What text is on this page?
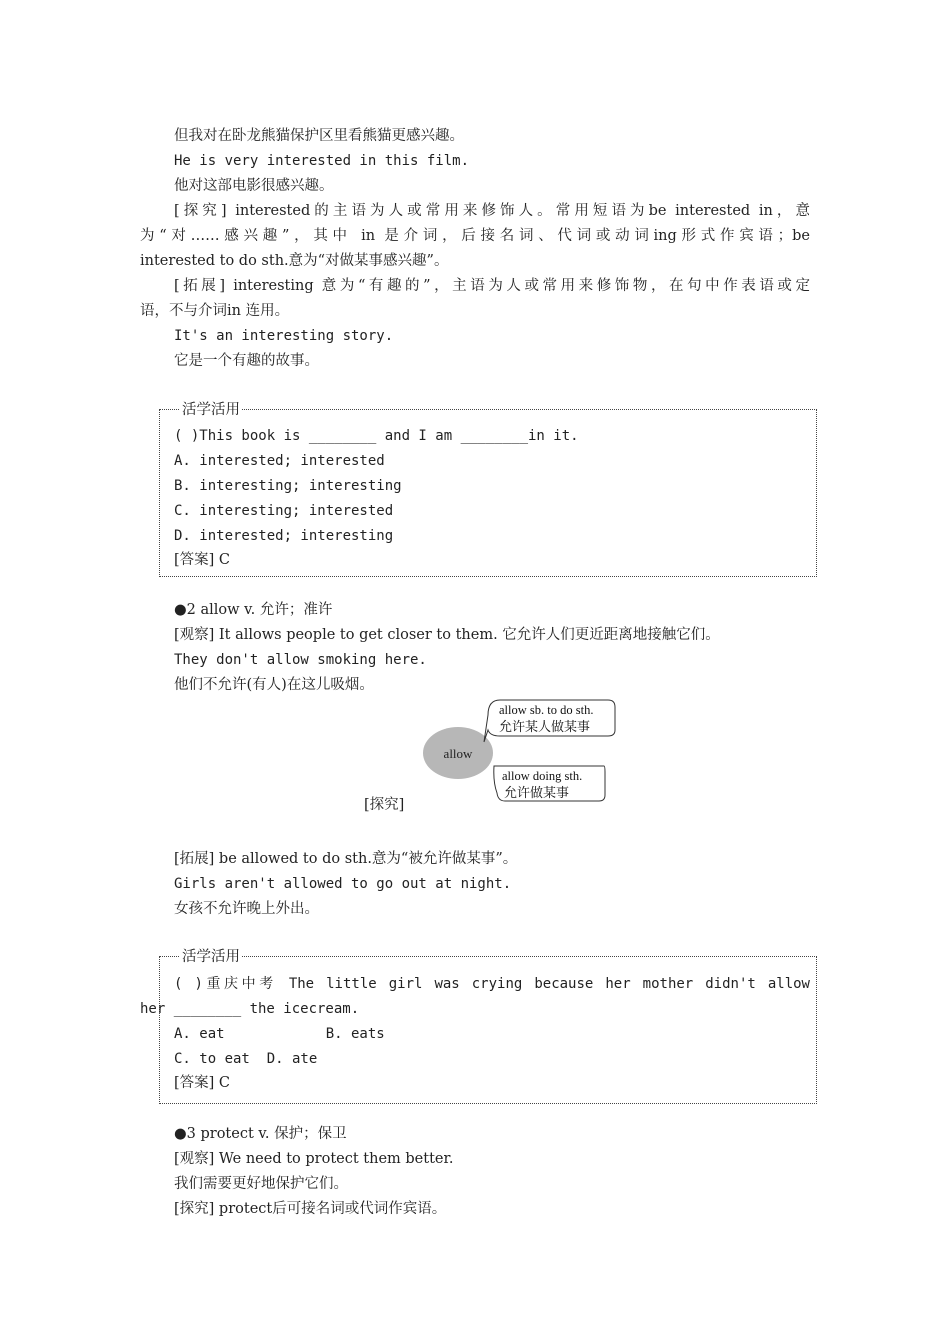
但我对在卧龙熊猫保护区里看熊猫更感兴趣。
He is very interested in this film.
他对这部电影很感兴趣。
[探究] interested的主语为人或常用来修饰人。常用短语为be interested in，意
为“对……感兴趣”，其中 in 是介词，后接名词、代词或动词ing形式作宾语；be
interested to do sth.意为“对做某事感兴趣”。
[拓展] interesting 意为“有趣的”，主语为人或常用来修饰物，在句中作表语或定
语，不与介词in 连用。
It's an interesting story.
它是一个有趣的故事。
活学活用
( )This book is ________ and I am ________in it.
A. interested; interested
B. interesting; interesting
C. interesting; interested
D. interested; interesting
[答案] C
●2 allow v. 允许；准许
[观察] It allows people to get closer to them. 它允许人们更近距离地接触它们。
They don't allow smoking here.
他们不允许(有人)在这儿吸烟。
allow
allow sb. to do sth.
允许某人做某事
allow doing sth.
允许做某事
[探究]
[拓展] be allowed to do sth.意为“被允许做某事”。
Girls aren't allowed to go out at night.
女孩不允许晚上外出。
活学活用
( )重庆中考 The little girl was crying because her mother didn't allow
her ________ the icecream.
A. eat            B. eats
C. to eat  D. ate
[答案] C
●3 protect v. 保护；保卫
[观察] We need to protect them better.
我们需要更好地保护它们。
[探究] protect后可接名词或代词作宾语。
